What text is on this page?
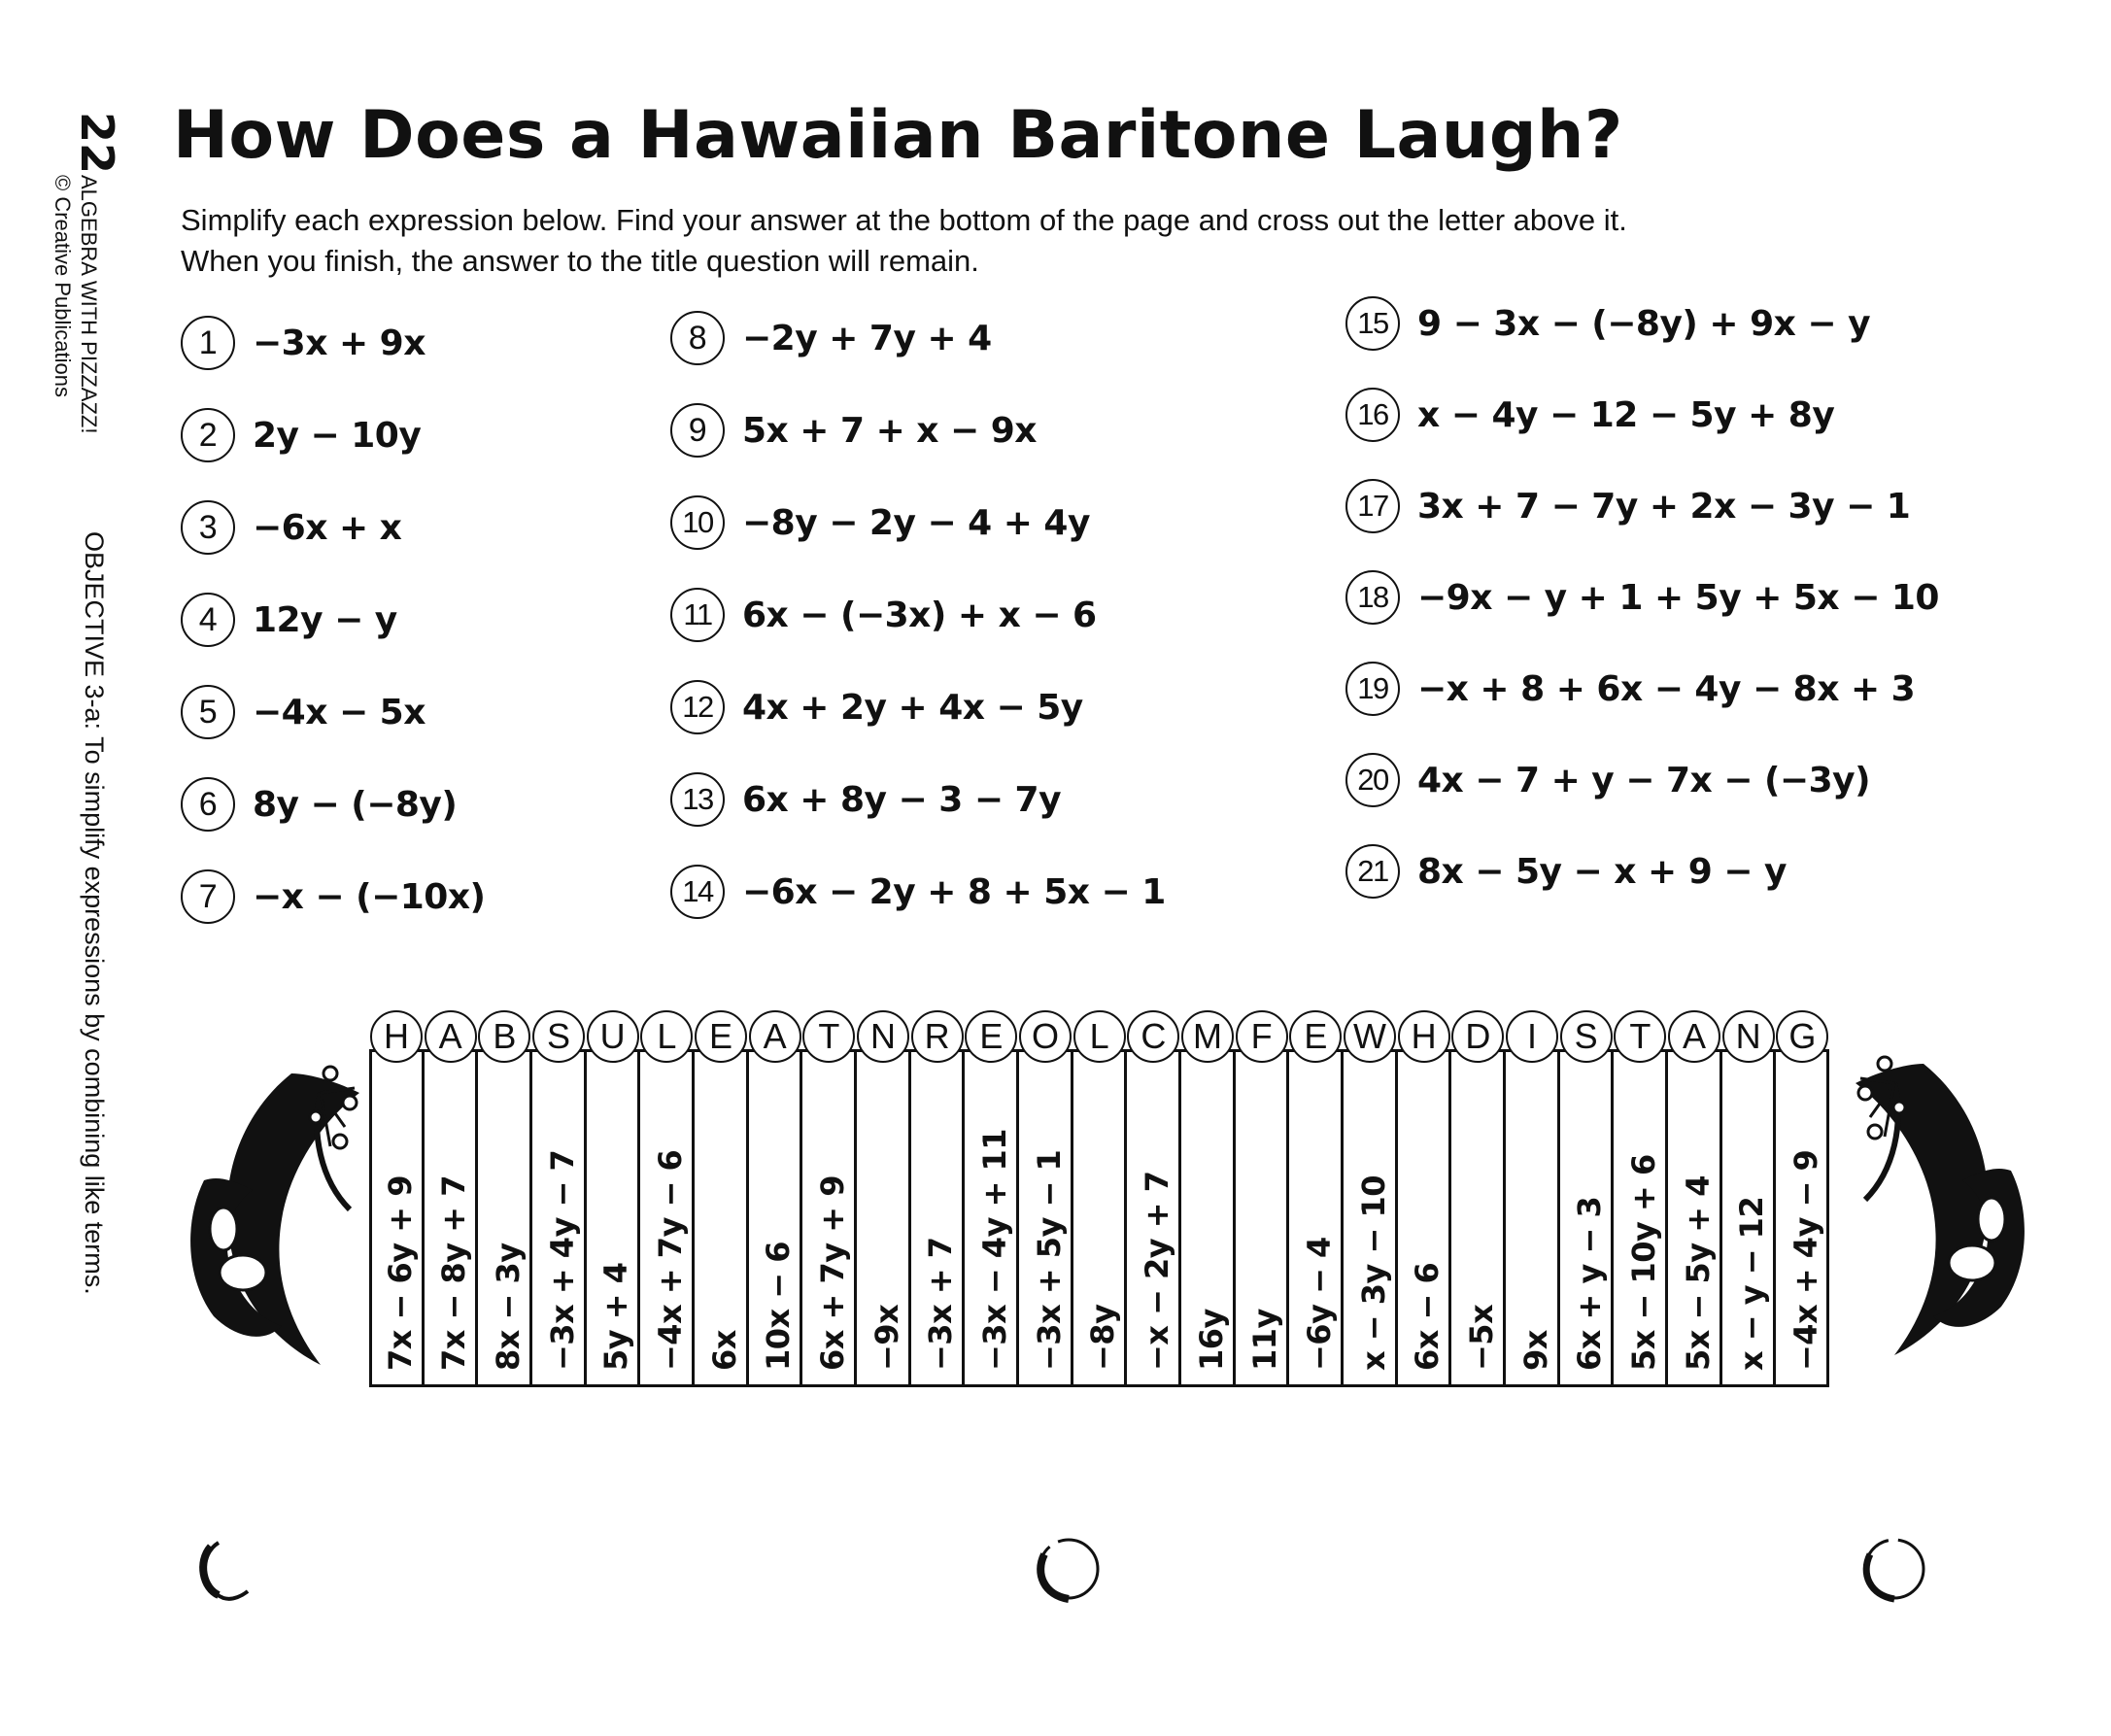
22
ALGEBRA WITH PIZZAZZ!
© Creative Publications
OBJECTIVE 3-a: To simplify expressions by combining like terms.
How Does a Hawaiian Baritone Laugh?
Simplify each expression below. Find your answer at the bottom of the page and cross out the letter above it.
When you finish, the answer to the title question will remain.
1	−3x + 9x
2	2y − 10y
3	−6x + x
4	12y − y
5	−4x − 5x
6	8y − (−8y)
7	−x − (−10x)
8	−2y + 7y + 4
9	5x + 7 + x − 9x
10 −8y − 2y − 4 + 4y
11 6x − (−3x) + x − 6
12 4x + 2y + 4x − 5y
13 6x + 8y − 3 − 7y
14 −6x − 2y + 8 + 5x − 1
15 9 − 3x − (−8y) + 9x − y
16 x − 4y − 12 − 5y + 8y
17 3x + 7 − 7y + 2x − 3y − 1
18 −9x − y + 1 + 5y + 5x − 10
19 −x + 8 + 6x − 4y − 8x + 3
20 4x − 7 + y − 7x − (−3y)
21 8x − 5y − x + 9 − y
H
7x − 6y + 9
A
7x − 8y + 7
B
8x − 3y
S
−3x + 4y − 7
U
5y + 4
L
−4x + 7y − 6
E
6x
A
10x − 6
T
6x + 7y + 9
N
−9x
R
−3x + 7
E
−3x − 4y + 11
O
−3x + 5y − 1
L
−8y
C
−x − 2y + 7
M
16y
F
11y
E
−6y − 4
W
x − 3y − 10
H
6x − 6
D
−5x
I
9x
S
6x + y − 3
T
5x − 10y + 6
A
5x − 5y + 4
N
x − y − 12
G
−4x + 4y − 9
